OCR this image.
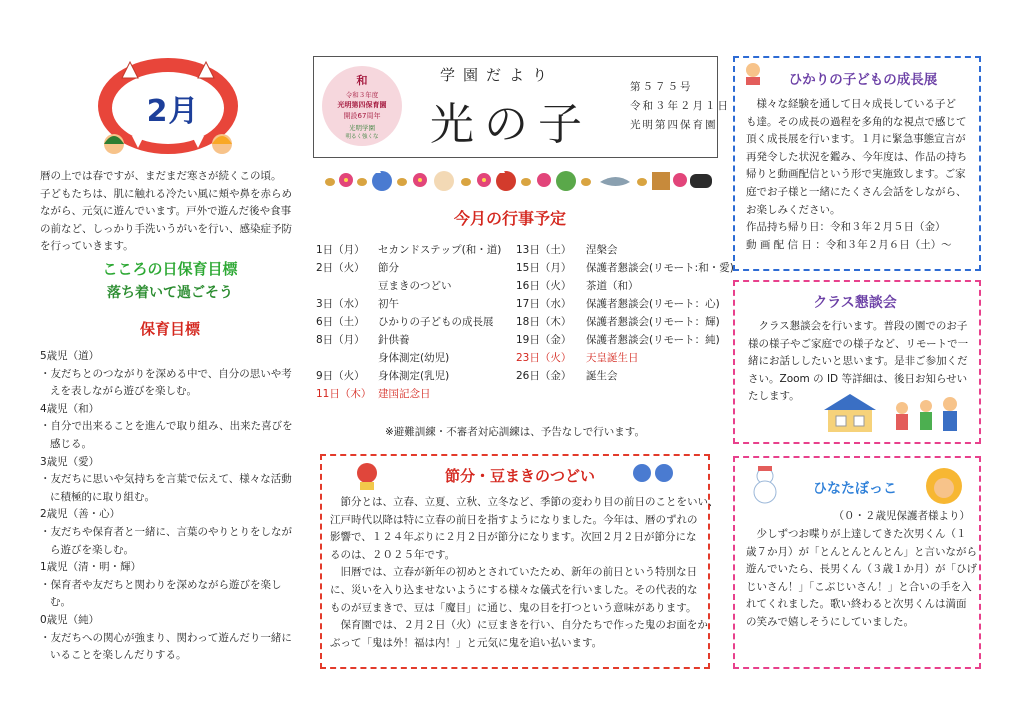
2月
暦の上では春ですが、まだまだ寒さが続くこの頃。
子どもたちは、肌に触れる冷たい風に頬や鼻を赤らめ
ながら、元気に遊んでいます。戸外で遊んだ後や食事
の前など、しっかり手洗いうがいを行い、感染症予防
を行っていきます。
こころの日保育目標
落ち着いて過ごそう
保育目標
5歳児（道）
・友だちとのつながりを深める中で、自分の思いや考
えを表しながら遊びを楽しむ。
4歳児（和）
・自分で出来ることを進んで取り組み、出来た喜びを
感じる。
3歳児（愛）
・友だちに思いや気持ちを言葉で伝えて、様々な活動
に積極的に取り組む。
2歳児（善・心）
・友だちや保育者と一緒に、言葉のやりとりをしなが
ら遊びを楽しむ。
1歳児（清・明・輝）
・保育者や友だちと関わりを深めながら遊びを楽し
む。
0歳児（純）
・友だちへの関心が強まり、関わって遊んだり一緒に
いることを楽しんだりする。
和
令和３年度
光明第四保育園
開設67周年
光明学園
明るく強くな
学園だより
光の子
第５７５号
令和３年２月１日
光明第四保育園
今月の行事予定
1日（月） セカンドステップ(和・道)
2日（火） 節分
豆まきのつどい
3日（水） 初午
6日（土） ひかりの子どもの成長展
8日（月） 針供養
身体測定(幼児)
9日（火） 身体測定(乳児)
11日（木） 建国記念日
13日（土） 涅槃会
15日（月） 保護者懇談会(リモート:和・愛)
16日（火） 茶道（和）
17日（水） 保護者懇談会(リモート：心)
18日（木） 保護者懇談会(リモート：輝)
19日（金） 保護者懇談会(リモート：純)
23日（火） 天皇誕生日
26日（金） 誕生会
※避難訓練・不審者対応訓練は、予告なしで行います。
節分・豆まきのつどい
　節分とは、立春、立夏、立秋、立冬など、季節の変わり目の前日のことをいい、
江戸時代以降は特に立春の前日を指すようになりました。今年は、暦のずれの
影響で、１２４年ぶりに２月２日が節分になります。次回２月２日が節分にな
るのは、２０２５年です。
　旧暦では、立春が新年の初めとされていたため、新年の前日という特別な日
に、災いを入り込ませないようにする様々な儀式を行いました。その代表的な
ものが豆まきで、豆は「魔目」に通じ、鬼の目を打つという意味があります。
　保育園では、２月２日（火）に豆まきを行い、自分たちで作った鬼のお面をか
ぶって「鬼は外！福は内！」と元気に鬼を追い払います。
ひかりの子どもの成長展
　様々な経験を通して日々成長している子ど
も達。その成長の過程を多角的な視点で感じて
頂く成長展を行います。１月に緊急事態宣言が
再発令した状況を鑑み、今年度は、作品の持ち
帰りと動画配信という形で実施致します。ご家
庭でお子様と一緒にたくさん会話をしながら、
お楽しみください。
作品持ち帰り日：令和３年２月５日（金）
動 画 配 信 日 ：令和３年２月６日（土）～
クラス懇談会
　クラス懇談会を行います。普段の園でのお子
様の様子やご家庭での様子など、リモートで一
緒にお話ししたいと思います。是非ご参加くだ
さい。Zoom の ID 等詳細は、後日お知らせい
たします。
ひなたぼっこ
（０・２歳児保護者様より）
　少しずつお喋りが上達してきた次男くん（１
歳７か月）が「とんとんとんとん」と言いながら
遊んでいたら、長男くん（３歳１か月）が「ひげ
じいさん！」「こぶじいさん！」と合いの手を入
れてくれました。歌い終わると次男くんは満面
の笑みで嬉しそうにしていました。
